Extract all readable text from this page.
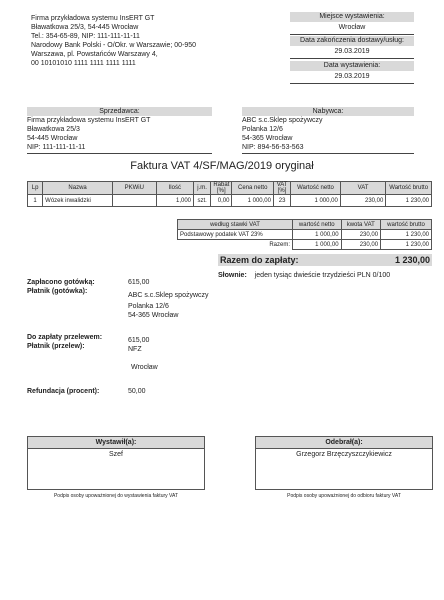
Firma przykładowa systemu InsERT GT
Bławatkowa 25/3, 54-445 Wrocław
Tel.: 354-65-89, NIP: 111-111-11-11
Narodowy Bank Polski - O/Okr. w Warszawie; 00-950
Warszawa, pl. Powstańców Warszawy 4,
00 10101010 1111 1111 1111 1111
Miejsce wystawienia:
Wrocław
Data zakończenia dostawy/usług:
29.03.2019
Data wystawienia:
29.03.2019
Sprzedawca:
Firma przykładowa systemu InsERT GT
Bławatkowa 25/3
54-445 Wrocław
NIP: 111-111-11-11
Nabywca:
ABC s.c.Sklep spożywczy
Polanka 12/6
54-365 Wrocław
NIP: 894-56-53-563
Faktura VAT 4/SF/MAG/2019 oryginał
Lp	Nazwa	PKWiU	Ilość	j.m.	Rabat [%]	Cena netto	VAT [%]	Wartość netto	VAT	Wartość brutto
1	Wózek inwalidzki		1,000	szt.	0,00	1 000,00	23	1 000,00	230,00	1 230,00
według stawki VAT	wartość netto	kwota VAT	wartość brutto
Podstawowy podatek VAT 23%	1 000,00	230,00	1 230,00
Razem:	1 000,00	230,00	1 230,00
Razem do zapłaty:	1 230,00
Słownie: jeden tysiąc dwieście trzydzieści PLN 0/100
Zapłacono gotówką:	615,00
Płatnik (gotówka):
ABC s.c.Sklep spożywczy
Polanka 12/6
54-365 Wrocław
Do zapłaty przelewem:	615,00
Płatnik (przelew):	NFZ
Wrocław
Refundacja (procent):	50,00
Wystawił(a):
Szef
Podpis osoby upoważnionej do wystawienia faktury VAT
Odebrał(a):
Grzegorz Brzęczyszczykiewicz
Podpis osoby upoważnionej do odbioru faktury VAT
